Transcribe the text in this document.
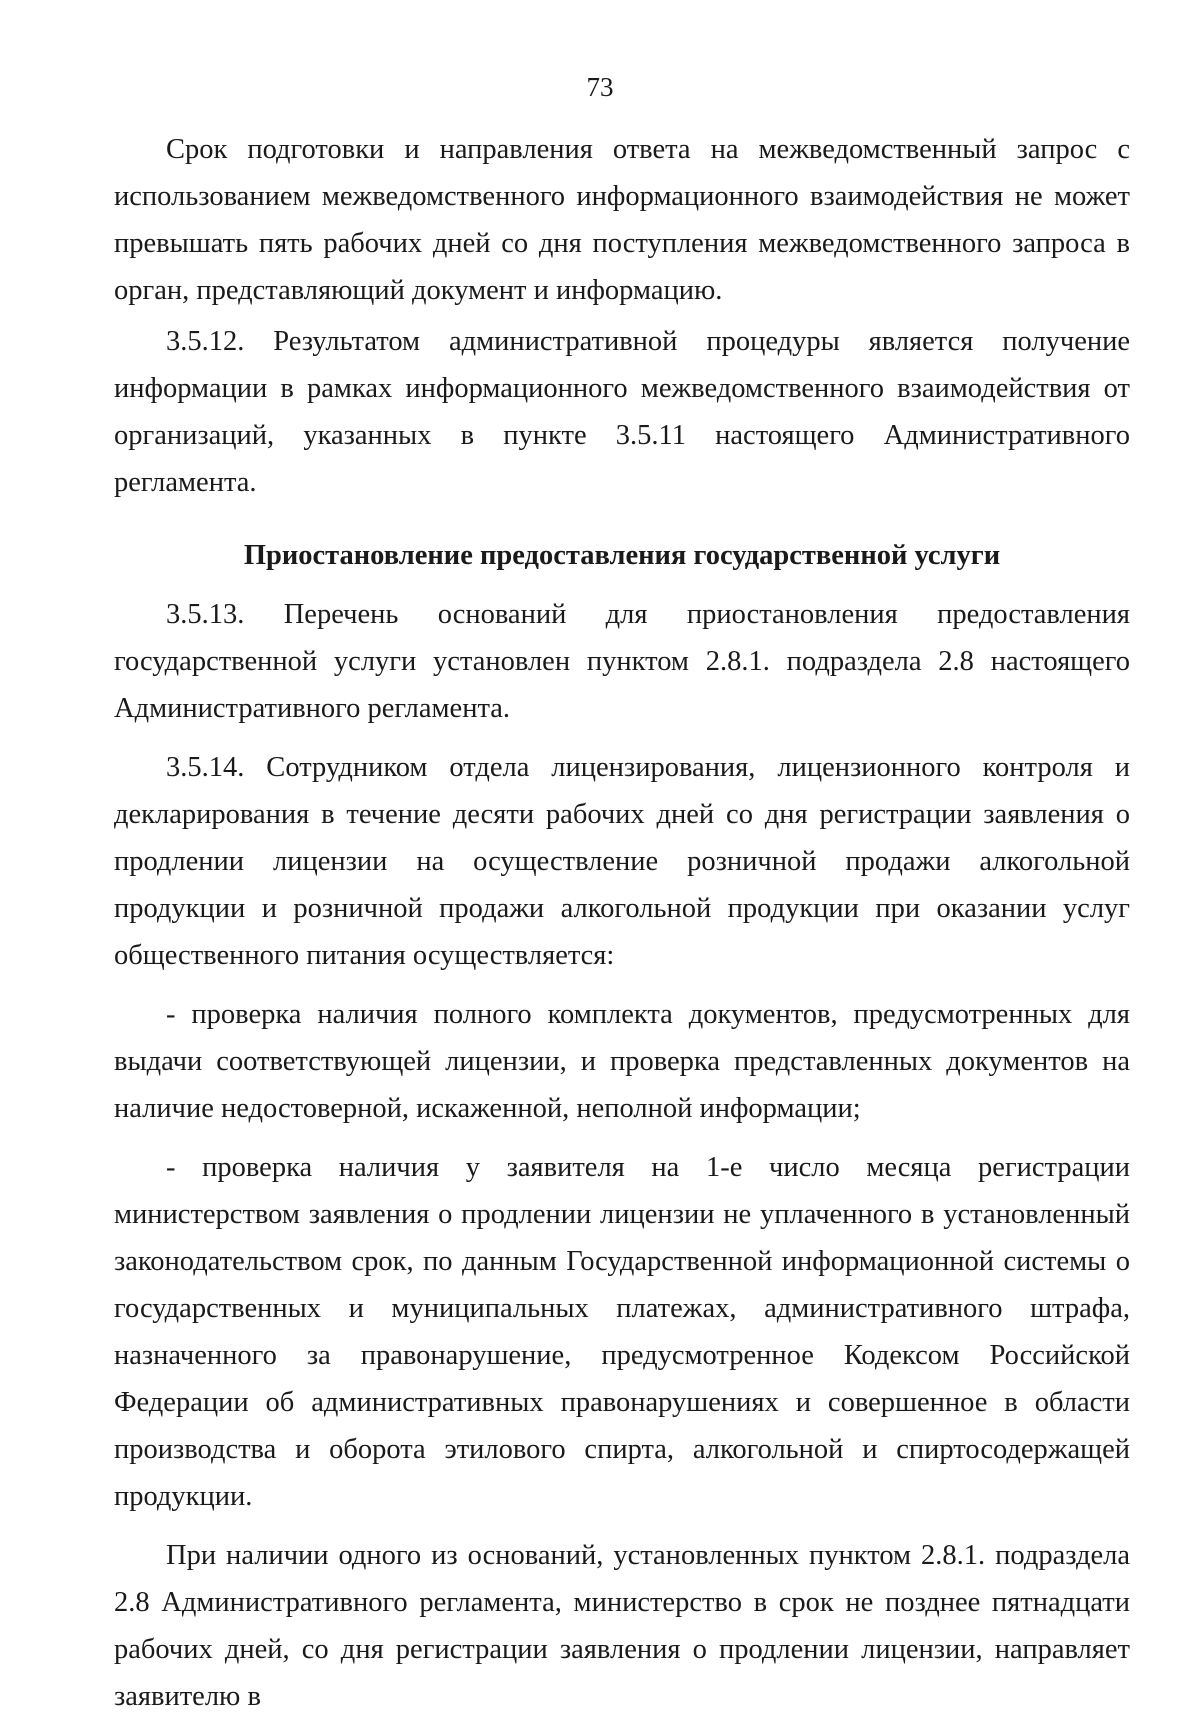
73

Срок подготовки и направления ответа на межведомственный запрос с использованием межведомственного информационного взаимодействия не может превышать пять рабочих дней со дня поступления межведомственного запроса в орган, представляющий документ и информацию.

3.5.12. Результатом административной процедуры является получение информации в рамках информационного межведомственного взаимодействия от организаций, указанных в пункте 3.5.11 настоящего Административного регламента.

Приостановление предоставления государственной услуги

3.5.13. Перечень оснований для приостановления предоставления государственной услуги установлен пунктом 2.8.1. подраздела 2.8 настоящего Административного регламента.

3.5.14. Сотрудником отдела лицензирования, лицензионного контроля и декларирования в течение десяти рабочих дней со дня регистрации заявления о продлении лицензии на осуществление розничной продажи алкогольной продукции и розничной продажи алкогольной продукции при оказании услуг общественного питания осуществляется:

- проверка наличия полного комплекта документов, предусмотренных для выдачи соответствующей лицензии, и проверка представленных документов на наличие недостоверной, искаженной, неполной информации;

- проверка наличия у заявителя на 1-е число месяца регистрации министерством заявления о продлении лицензии не уплаченного в установленный законодательством срок, по данным Государственной информационной системы о государственных и муниципальных платежах, административного штрафа, назначенного за правонарушение, предусмотренное Кодексом Российской Федерации об административных правонарушениях и совершенное в области производства и оборота этилового спирта, алкогольной и спиртосодержащей продукции.

При наличии одного из оснований, установленных пунктом 2.8.1. подраздела 2.8 Административного регламента, министерство в срок не позднее пятнадцати рабочих дней, со дня регистрации заявления о продлении лицензии, направляет заявителю в
